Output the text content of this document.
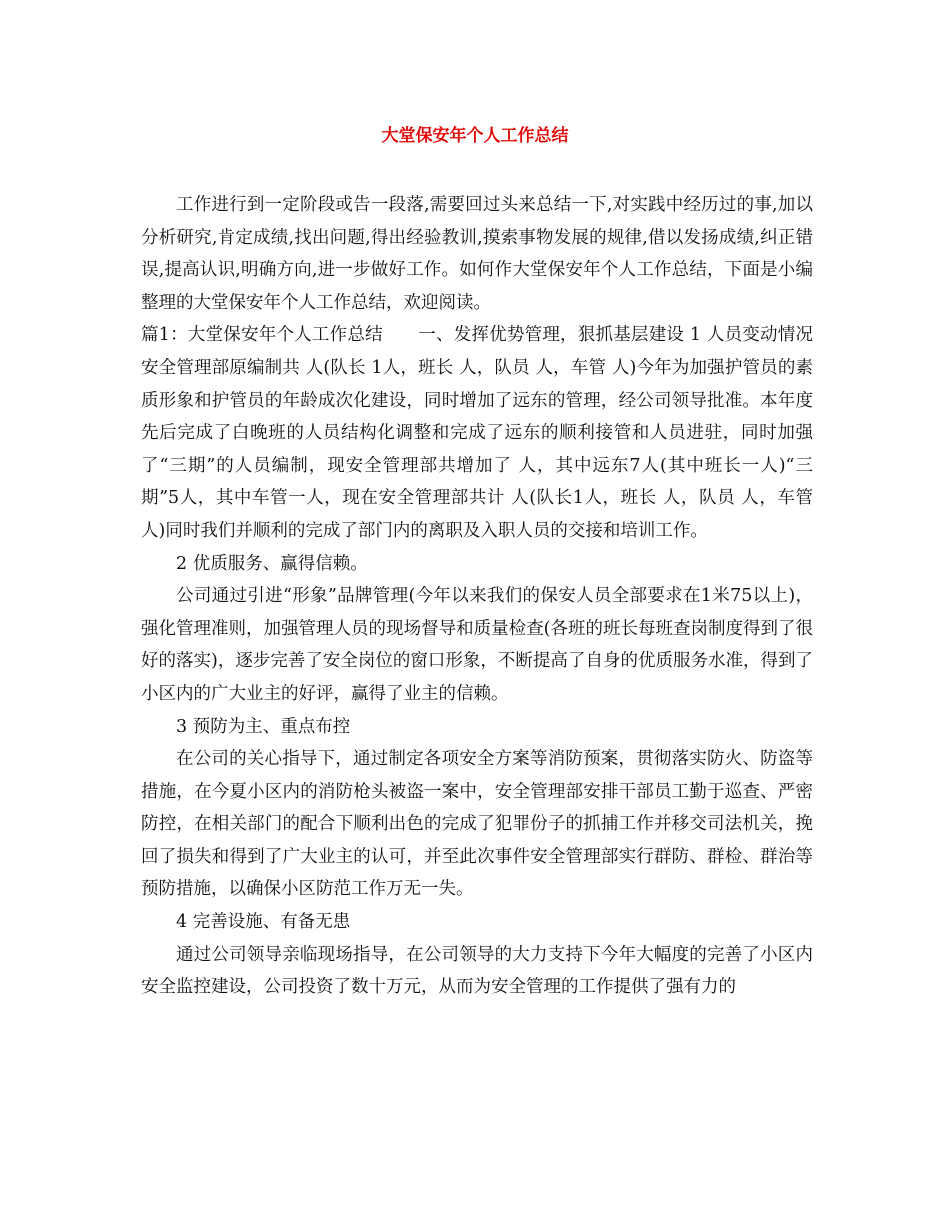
大堂保安年个人工作总结

工作进行到一定阶段或告一段落,需要回过头来总结一下,对实践中经历过的事,加以分析研究,肯定成绩,找出问题,得出经验教训,摸索事物发展的规律,借以发扬成绩,纠正错误,提高认识,明确方向,进一步做好工作。如何作大堂保安年个人工作总结，下面是小编整理的大堂保安年个人工作总结，欢迎阅读。

篇1：大堂保安年个人工作总结　　一、发挥优势管理，狠抓基层建设 1 人员变动情况安全管理部原编制共 人(队长 1人，班长 人，队员 人，车管 人)今年为加强护管员的素质形象和护管员的年龄成次化建设，同时增加了远东的管理，经公司领导批准。本年度先后完成了白晚班的人员结构化调整和完成了远东的顺利接管和人员进驻，同时加强了“三期”的人员编制，现安全管理部共增加了 人，其中远东7人(其中班长一人)“三期”5人，其中车管一人，现在安全管理部共计 人(队长1人，班长 人，队员 人，车管 人)同时我们并顺利的完成了部门内的离职及入职人员的交接和培训工作。

2 优质服务、赢得信赖。

公司通过引进“形象”品牌管理(今年以来我们的保安人员全部要求在1米75以上)，强化管理准则，加强管理人员的现场督导和质量检查(各班的班长每班查岗制度得到了很好的落实)，逐步完善了安全岗位的窗口形象，不断提高了自身的优质服务水准，得到了小区内的广大业主的好评，赢得了业主的信赖。

3 预防为主、重点布控

在公司的关心指导下，通过制定各项安全方案等消防预案，贯彻落实防火、防盗等措施，在今夏小区内的消防枪头被盗一案中，安全管理部安排干部员工勤于巡查、严密防控，在相关部门的配合下顺利出色的完成了犯罪份子的抓捕工作并移交司法机关，挽回了损失和得到了广大业主的认可，并至此次事件安全管理部实行群防、群检、群治等预防措施，以确保小区防范工作万无一失。

4 完善设施、有备无患

通过公司领导亲临现场指导，在公司领导的大力支持下今年大幅度的完善了小区内安全监控建设，公司投资了数十万元，从而为安全管理的工作提供了强有力的
